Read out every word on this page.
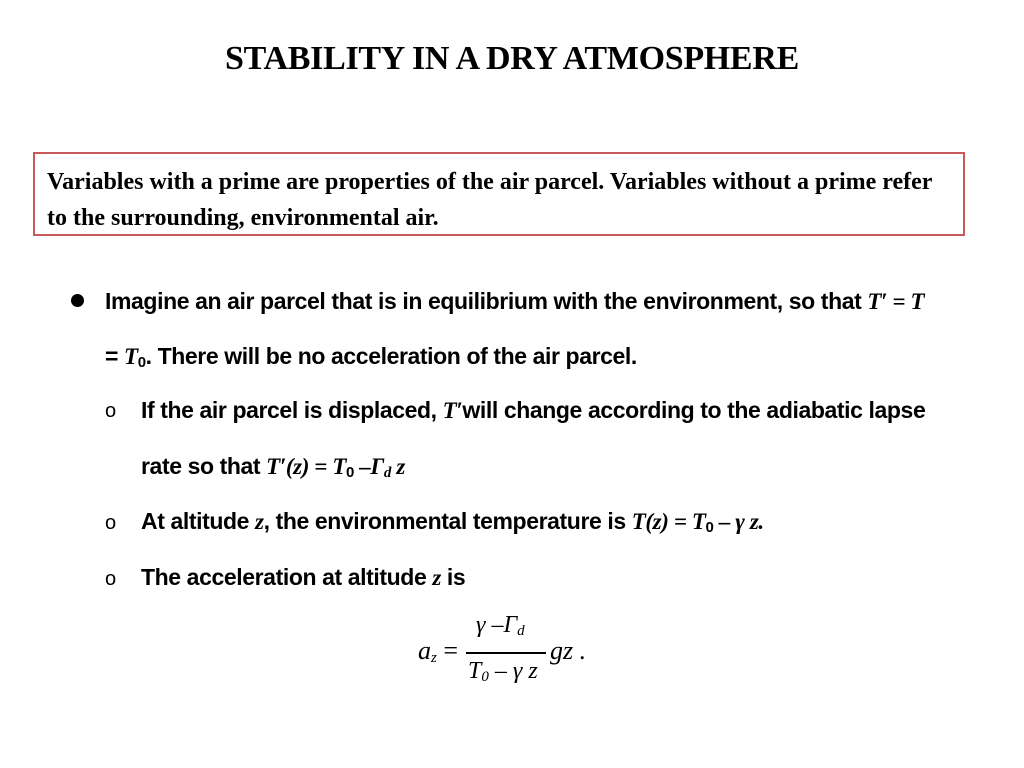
STABILITY IN A DRY ATMOSPHERE
Variables with a prime are properties of the air parcel. Variables without a prime refer to the surrounding, environmental air.
Imagine an air parcel that is in equilibrium with the environment, so that T′ = T
= $T_0$. There will be no acceleration of the air parcel.
o If the air parcel is displaced, T′will change according to the adiabatic lapse
rate so that $T'(z) = T_0$ $-\Gamma_d$ z
o At altitude z, the environmental temperature is $T(z) = T_0 - \gamma$ z.
o The acceleration at altitude z is
$a_z$ =
γ $-\Gamma_d$
$T_0$ – γ z
gz .
